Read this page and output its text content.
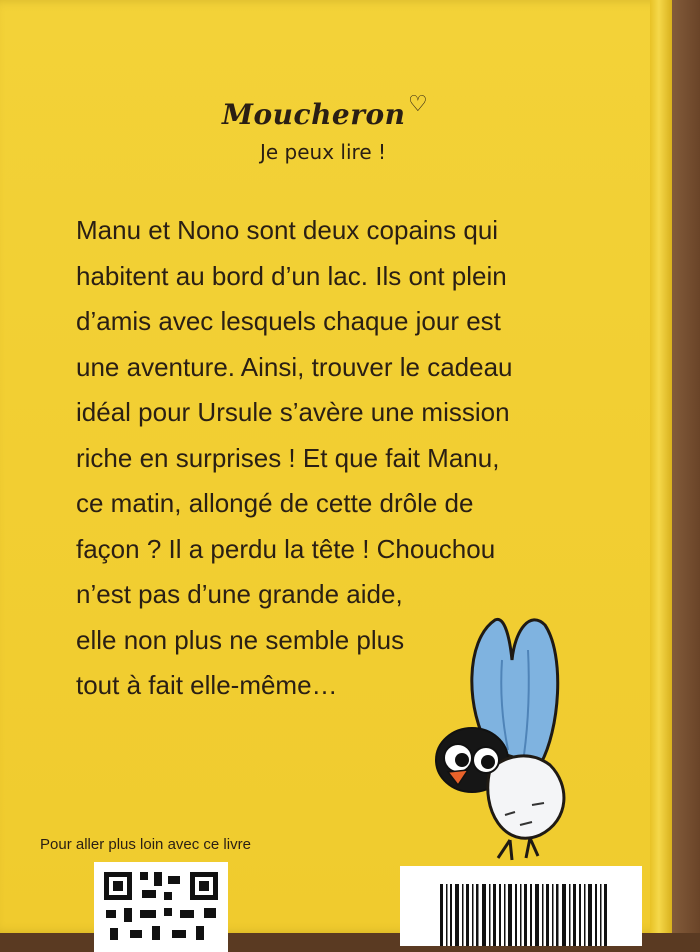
Moucheron ♡
Je peux lire !
Manu et Nono sont deux copains qui
habitent au bord d’un lac. Ils ont plein
d’amis avec lesquels chaque jour est
une aventure. Ainsi, trouver le cadeau
idéal pour Ursule s’avère une mission
riche en surprises ! Et que fait Manu,
ce matin, allongé de cette drôle de
façon ? Il a perdu la tête ! Chouchou
n’est pas d’une grande aide,
elle non plus ne semble plus
tout à fait elle-même…
Pour aller plus loin avec ce livre
